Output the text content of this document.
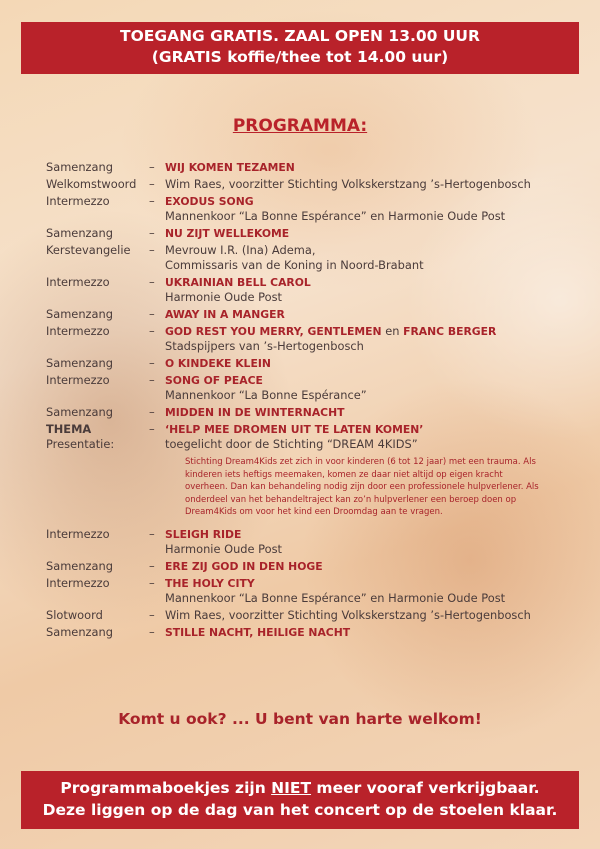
TOEGANG GRATIS. ZAAL OPEN 13.00 UUR
(GRATIS koffie/thee tot 14.00 uur)
PROGRAMMA:
Samenzang	– WIJ KOMEN TEZAMEN
Welkomstwoord	– Wim Raes, voorzitter Stichting Volkskerstzang ’s-Hertogenbosch
Intermezzo	– EXODUS SONG
Mannenkoor “La Bonne Espérance” en Harmonie Oude Post
Samenzang	– NU ZIJT WELLEKOME
Kerstevangelie	– Mevrouw I.R. (Ina) Adema,
Commissaris van de Koning in Noord-Brabant
Intermezzo	– UKRAINIAN BELL CAROL
Harmonie Oude Post
Samenzang	– AWAY IN A MANGER
Intermezzo	– GOD REST YOU MERRY, GENTLEMEN en FRANC BERGER
Stadspijpers van ’s-Hertogenbosch
Samenzang	– O KINDEKE KLEIN
Intermezzo	– SONG OF PEACE
Mannenkoor “La Bonne Espérance”
Samenzang	– MIDDEN IN DE WINTERNACHT
THEMA
Presentatie:
– ‘HELP MEE DROMEN UIT TE LATEN KOMEN’
toegelicht door de Stichting “DREAM 4KIDS”
Stichting Dream4Kids zet zich in voor kinderen (6 tot 12 jaar) met een trauma. Als kinderen iets heftigs meemaken, komen ze daar niet altijd op eigen kracht overheen. Dan kan behandeling nodig zijn door een professionele hulpverlener. Als onderdeel van het behandeltraject kan zo’n hulpverlener een beroep doen op Dream4Kids om voor het kind een Droomdag aan te vragen.
Intermezzo	– SLEIGH RIDE
Harmonie Oude Post
Samenzang	– ERE ZIJ GOD IN DEN HOGE
Intermezzo	– THE HOLY CITY
Mannenkoor “La Bonne Espérance” en Harmonie Oude Post
Slotwoord	– Wim Raes, voorzitter Stichting Volkskerstzang ’s-Hertogenbosch
Samenzang	– STILLE NACHT, HEILIGE NACHT
Komt u ook? ... U bent van harte welkom!
Programmaboekjes zijn NIET meer vooraf verkrijgbaar.
Deze liggen op de dag van het concert op de stoelen klaar.
